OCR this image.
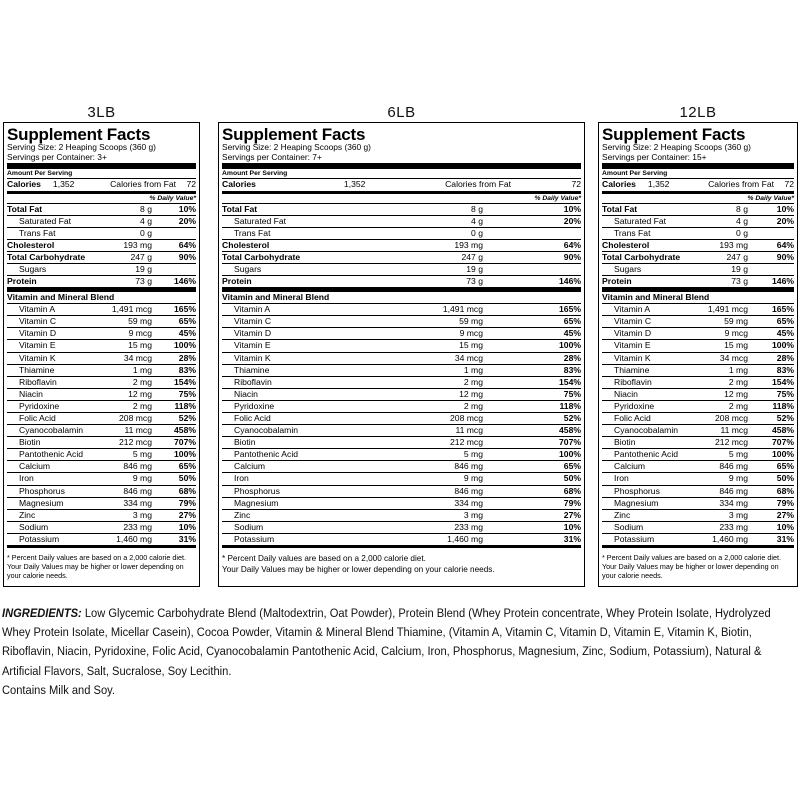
3LB	6LB	12LB
Supplement Facts
Serving Size: 2 Heaping Scoops (360 g)
Servings per Container: 3+
Amount Per Serving
Calories 1,352	Calories from Fat	72
% Daily Value*
Total Fat	8 g	10%
Saturated Fat	4 g	20%
Trans Fat	0 g
Cholesterol	193 mg	64%
Total Carbohydrate	247 g	90%
Sugars	19 g
Protein	73 g	146%
Vitamin and Mineral Blend
Vitamin A	1,491 mcg	165%
Vitamin C	59 mg	65%
Vitamin D	9 mcg	45%
Vitamin E	15 mg	100%
Vitamin K	34 mcg	28%
Thiamine	1 mg	83%
Riboflavin	2 mg	154%
Niacin	12 mg	75%
Pyridoxine	2 mg	118%
Folic Acid	208 mcg	52%
Cyanocobalamin	11 mcg	458%
Biotin	212 mcg	707%
Pantothenic Acid	5 mg	100%
Calcium	846 mg	65%
Iron	9 mg	50%
Phosphorus	846 mg	68%
Magnesium	334 mg	79%
Zinc	3 mg	27%
Sodium	233 mg	10%
Potassium	1,460 mg	31%
* Percent Daily values are based on a 2,000 calorie diet.
Your Daily Values may be higher or lower depending on your calorie needs.
Supplement Facts
Serving Size: 2 Heaping Scoops (360 g)
Servings per Container: 7+
Amount Per Serving
Calories	1,352	Calories from Fat	72
% Daily Value*
Total Fat	8 g	10%
Saturated Fat	4 g	20%
Trans Fat	0 g
Cholesterol	193 mg	64%
Total Carbohydrate	247 g	90%
Sugars	19 g
Protein	73 g	146%
Vitamin and Mineral Blend
Vitamin A	1,491 mcg	165%
Vitamin C	59 mg	65%
Vitamin D	9 mcg	45%
Vitamin E	15 mg	100%
Vitamin K	34 mcg	28%
Thiamine	1 mg	83%
Riboflavin	2 mg	154%
Niacin	12 mg	75%
Pyridoxine	2 mg	118%
Folic Acid	208 mcg	52%
Cyanocobalamin	11 mcg	458%
Biotin	212 mcg	707%
Pantothenic Acid	5 mg	100%
Calcium	846 mg	65%
Iron	9 mg	50%
Phosphorus	846 mg	68%
Magnesium	334 mg	79%
Zinc	3 mg	27%
Sodium	233 mg	10%
Potassium	1,460 mg	31%
* Percent Daily values are based on a 2,000 calorie diet.
Your Daily Values may be higher or lower depending on your calorie needs.
Supplement Facts
Serving Size: 2 Heaping Scoops (360 g)
Servings per Container: 15+
Amount Per Serving
Calories 1,352	Calories from Fat	72
% Daily Value*
Total Fat	8 g	10%
Saturated Fat	4 g	20%
Trans Fat	0 g
Cholesterol	193 mg	64%
Total Carbohydrate	247 g	90%
Sugars	19 g
Protein	73 g	146%
Vitamin and Mineral Blend
Vitamin A	1,491 mcg	165%
Vitamin C	59 mg	65%
Vitamin D	9 mcg	45%
Vitamin E	15 mg	100%
Vitamin K	34 mcg	28%
Thiamine	1 mg	83%
Riboflavin	2 mg	154%
Niacin	12 mg	75%
Pyridoxine	2 mg	118%
Folic Acid	208 mcg	52%
Cyanocobalamin	11 mcg	458%
Biotin	212 mcg	707%
Pantothenic Acid	5 mg	100%
Calcium	846 mg	65%
Iron	9 mg	50%
Phosphorus	846 mg	68%
Magnesium	334 mg	79%
Zinc	3 mg	27%
Sodium	233 mg	10%
Potassium	1,460 mg	31%
* Percent Daily values are based on a 2,000 calorie diet.
Your Daily Values may be higher or lower depending on your calorie needs.
INGREDIENTS: Low Glycemic Carbohydrate Blend (Maltodextrin, Oat Powder), Protein Blend (Whey Protein concentrate, Whey Protein Isolate, Hydrolyzed Whey Protein Isolate, Micellar Casein), Cocoa Powder, Vitamin & Mineral Blend Thiamine, (Vitamin A, Vitamin C, Vitamin D, Vitamin E, Vitamin K, Biotin, Riboflavin, Niacin, Pyridoxine, Folic Acid, Cyanocobalamin Pantothenic Acid, Calcium, Iron, Phosphorus, Magnesium, Zinc, Sodium, Potassium), Natural & Artificial Flavors, Salt, Sucralose, Soy Lecithin.
Contains Milk and Soy.
